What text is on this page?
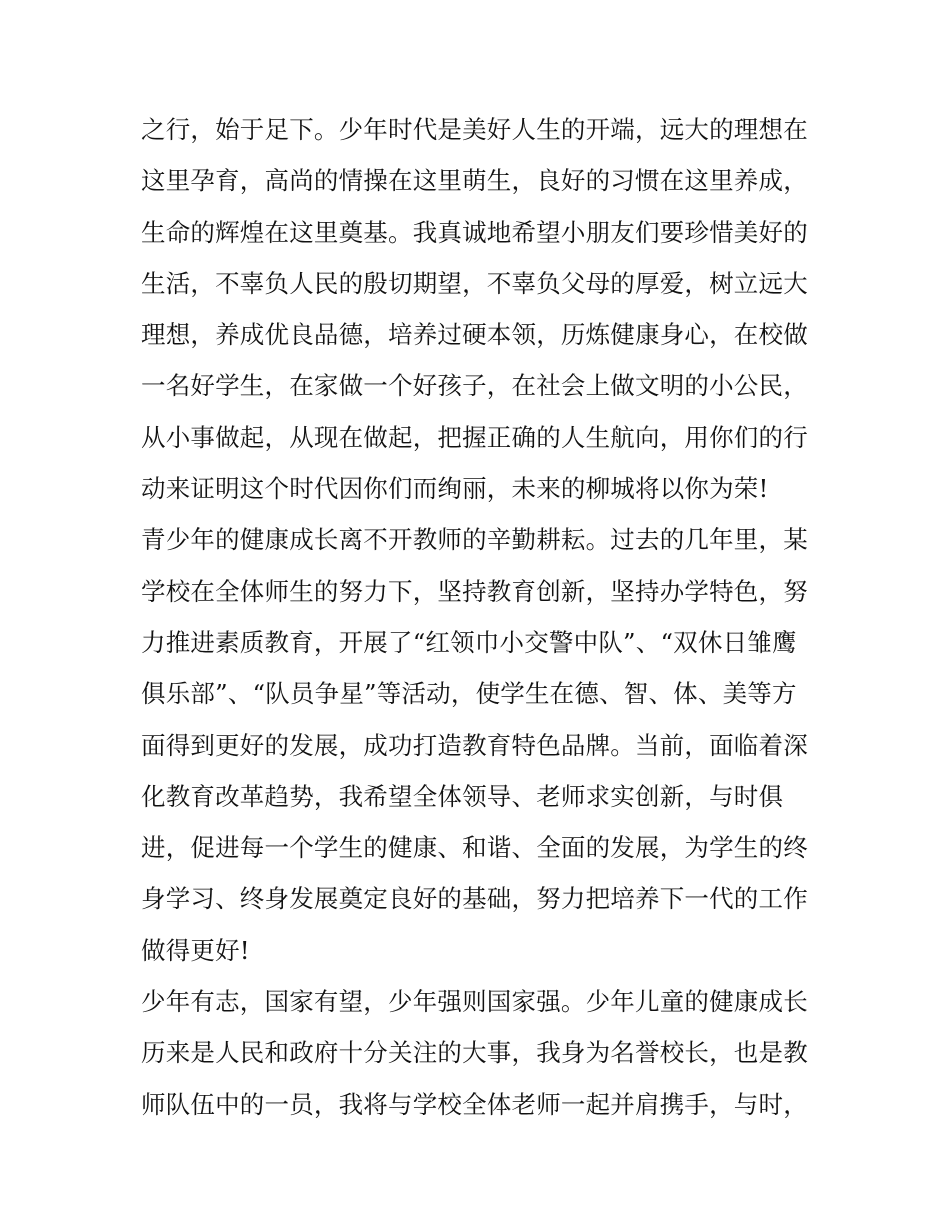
之行，始于足下。少年时代是美好人生的开端，远大的理想在
这里孕育，高尚的情操在这里萌生，良好的习惯在这里养成，
生命的辉煌在这里奠基。我真诚地希望小朋友们要珍惜美好的
生活，不辜负人民的殷切期望，不辜负父母的厚爱，树立远大
理想，养成优良品德，培养过硬本领，历炼健康身心，在校做
一名好学生，在家做一个好孩子，在社会上做文明的小公民，
从小事做起，从现在做起，把握正确的人生航向，用你们的行
动来证明这个时代因你们而绚丽，未来的柳城将以你为荣!
青少年的健康成长离不开教师的辛勤耕耘。过去的几年里，某
学校在全体师生的努力下，坚持教育创新，坚持办学特色，努
力推进素质教育，开展了“红领巾小交警中队”、“双休日雏鹰
俱乐部”、“队员争星”等活动，使学生在德、智、体、美等方
面得到更好的发展，成功打造教育特色品牌。当前，面临着深
化教育改革趋势，我希望全体领导、老师求实创新，与时俱
进，促进每一个学生的健康、和谐、全面的发展，为学生的终
身学习、终身发展奠定良好的基础，努力把培养下一代的工作
做得更好!
少年有志，国家有望，少年强则国家强。少年儿童的健康成长
历来是人民和政府十分关注的大事，我身为名誉校长，也是教
师队伍中的一员，我将与学校全体老师一起并肩携手，与时，
